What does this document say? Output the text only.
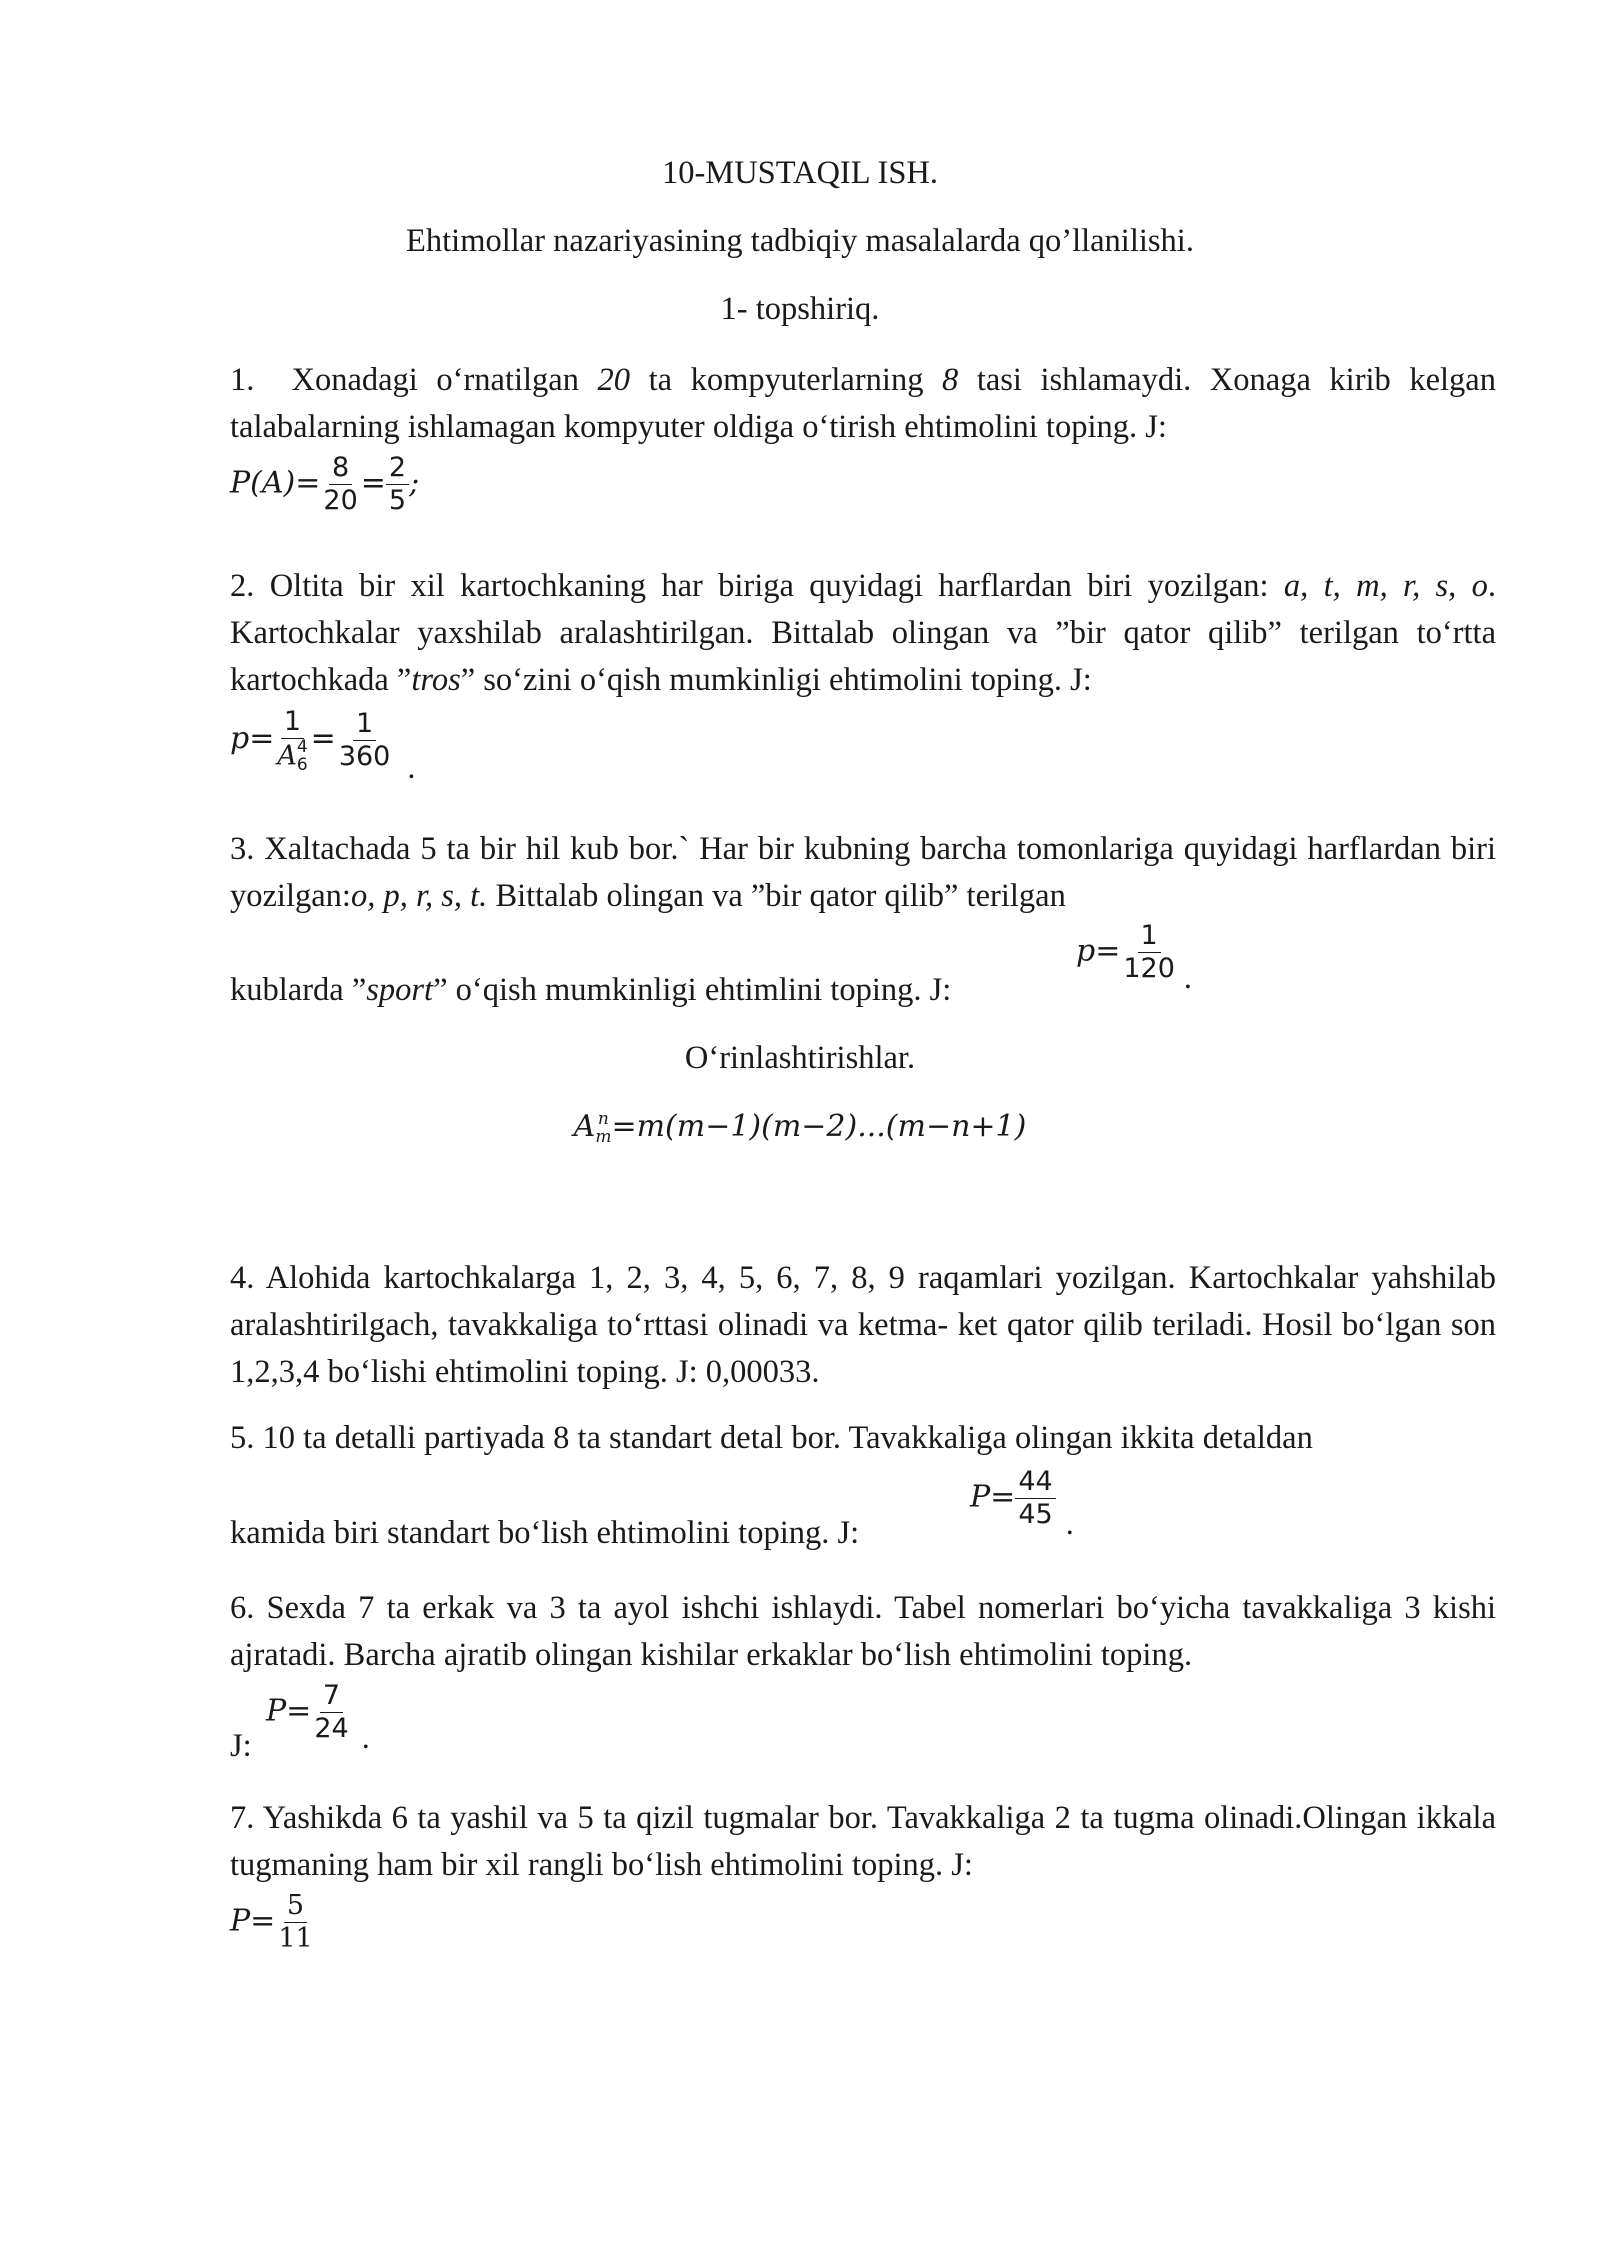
10-MUSTAQIL ISH.
Ehtimollar nazariyasining tadbiqiy masalalarda qo’llanilishi.
1- topshiriq.
1. Xonadagi o‘rnatilgan 20 ta kompyuterlarning 8 tasi ishlamaydi. Xonaga kirib kelgan talabalarning ishlamagan kompyuter oldiga o‘tirish ehtimolini toping. J:
$P(A)= \frac{8}{20} = \frac{2}{5}$ ;
2. Oltita bir xil kartochkaning har biriga quyidagi harflardan biri yozilgan: a, t, m, r, s, o. Kartochkalar yaxshilab aralashtirilgan. Bittalab olingan va ”bir qator qilib” terilgan to‘rtta kartochkada ”tros” so‘zini o‘qish mumkinligi ehtimolini toping. J:
p= 1
A 4
$6 = \frac{1}{360}$ .
3. Xaltachada 5 ta bir hil kub bor.` Har bir kubning barcha tomonlariga quyidagi harflardan biri yozilgan:o, p, r, s, t. Bittalab olingan va ”bir qator qilib” terilgan
kublarda ”sport” o‘qish mumkinligi ehtimlini toping. J:
$p= \frac{1}{120}$ .
O‘rinlashtirishlar.
A n
m =m(m−1)(m−2)...(m−n+1)
4. Alohida kartochkalarga 1, 2, 3, 4, 5, 6, 7, 8, 9 raqamlari yozilgan. Kartochkalar yahshilab aralashtirilgach, tavakkaliga to‘rttasi olinadi va ketma- ket qator qilib teriladi. Hosil bo‘lgan son 1,2,3,4 bo‘lishi ehtimolini toping. J: 0,00033.
5. 10 ta detalli partiyada 8 ta standart detal bor. Tavakkaliga olingan ikkita detaldan
kamida biri standart bo‘lish ehtimolini toping. J:
$P= \frac{44}{45}$ .
6. Sexda 7 ta erkak va 3 ta ayol ishchi ishlaydi. Tabel nomerlari bo‘yicha tavakkaliga 3 kishi ajratadi. Barcha ajratib olingan kishilar erkaklar bo‘lish ehtimolini toping.
J:
$P= \frac{7}{24}$ .
7. Yashikda 6 ta yashil va 5 ta qizil tugmalar bor. Tavakkaliga 2 ta tugma olinadi.Olingan ikkala tugmaning ham bir xil rangli bo‘lish ehtimolini toping. J:
$P= \frac{5}{11}$
